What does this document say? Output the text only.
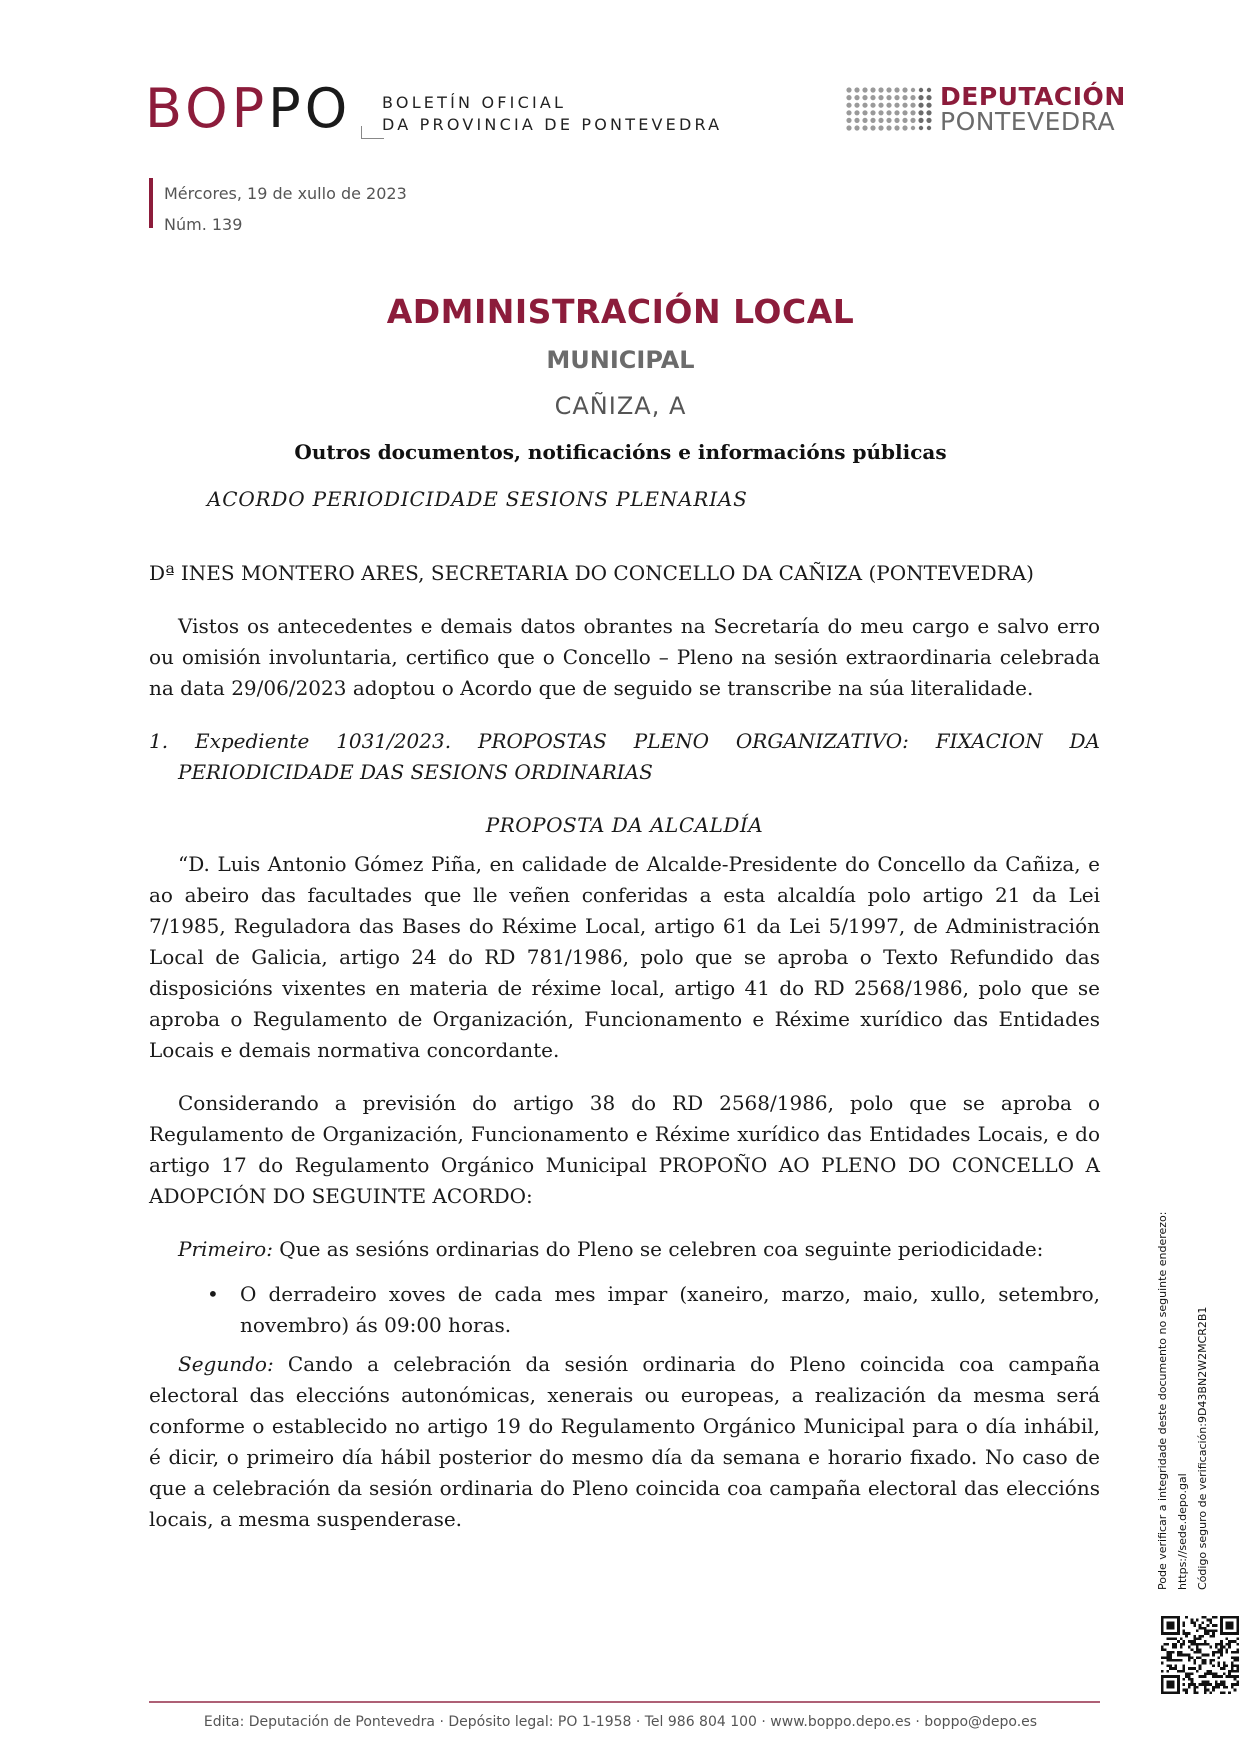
BOPPO BOLETÍN OFICIAL
DA PROVINCIA DE PONTEVEDRA
DEPUTACIÓN
PONTEVEDRA
Mércores, 19 de xullo de 2023
Núm. 139
ADMINISTRACIÓN LOCAL
MUNICIPAL
CAÑIZA, A
Outros documentos, notificacións e informacións públicas
ACORDO PERIODICIDADE SESIONS PLENARIAS

Dª INES MONTERO ARES, SECRETARIA DO CONCELLO DA CAÑIZA (PONTEVEDRA)

Vistos os antecedentes e demais datos obrantes na Secretaría do meu cargo e salvo erro ou omisión involuntaria, certifico que o Concello – Pleno na sesión extraordinaria celebrada na data 29/06/2023 adoptou o Acordo que de seguido se transcribe na súa literalidade.

1. Expediente 1031/2023. PROPOSTAS PLENO ORGANIZATIVO: FIXACION DA PERIODICIDADE DAS SESIONS ORDINARIAS

PROPOSTA DA ALCALDÍA

“D. Luis Antonio Gómez Piña, en calidade de Alcalde-Presidente do Concello da Cañiza, e ao abeiro das facultades que lle veñen conferidas a esta alcaldía polo artigo 21 da Lei 7/1985, Reguladora das Bases do Réxime Local, artigo 61 da Lei 5/1997, de Administración Local de Galicia, artigo 24 do RD 781/1986, polo que se aproba o Texto Refundido das disposicións vixentes en materia de réxime local, artigo 41 do RD 2568/1986, polo que se aproba o Regulamento de Organización, Funcionamento e Réxime xurídico das Entidades Locais e demais normativa concordante.

Considerando a previsión do artigo 38 do RD 2568/1986, polo que se aproba o Regulamento de Organización, Funcionamento e Réxime xurídico das Entidades Locais, e do artigo 17 do Regulamento Orgánico Municipal PROPOÑO AO PLENO DO CONCELLO A ADOPCIÓN DO SEGUINTE ACORDO:

Primeiro: Que as sesións ordinarias do Pleno se celebren coa seguinte periodicidade:

• O derradeiro xoves de cada mes impar (xaneiro, marzo, maio, xullo, setembro, novembro) ás 09:00 horas.

Segundo: Cando a celebración da sesión ordinaria do Pleno coincida coa campaña electoral das eleccións autonómicas, xenerais ou europeas, a realización da mesma será conforme o establecido no artigo 19 do Regulamento Orgánico Municipal para o día inhábil, é dicir, o primeiro día hábil posterior do mesmo día da semana e horario fixado. No caso de que a celebración da sesión ordinaria do Pleno coincida coa campaña electoral das eleccións locais, a mesma suspenderase.	Pode verificar a integridade deste documento no seguinte enderezo: https://sede.depo.gal Código seguro de verificación:9D43BN2W2MCR2B1
Edita: Deputación de Pontevedra · Depósito legal: PO 1-1958 · Tel 986 804 100 · www.boppo.depo.es · boppo@depo.es
